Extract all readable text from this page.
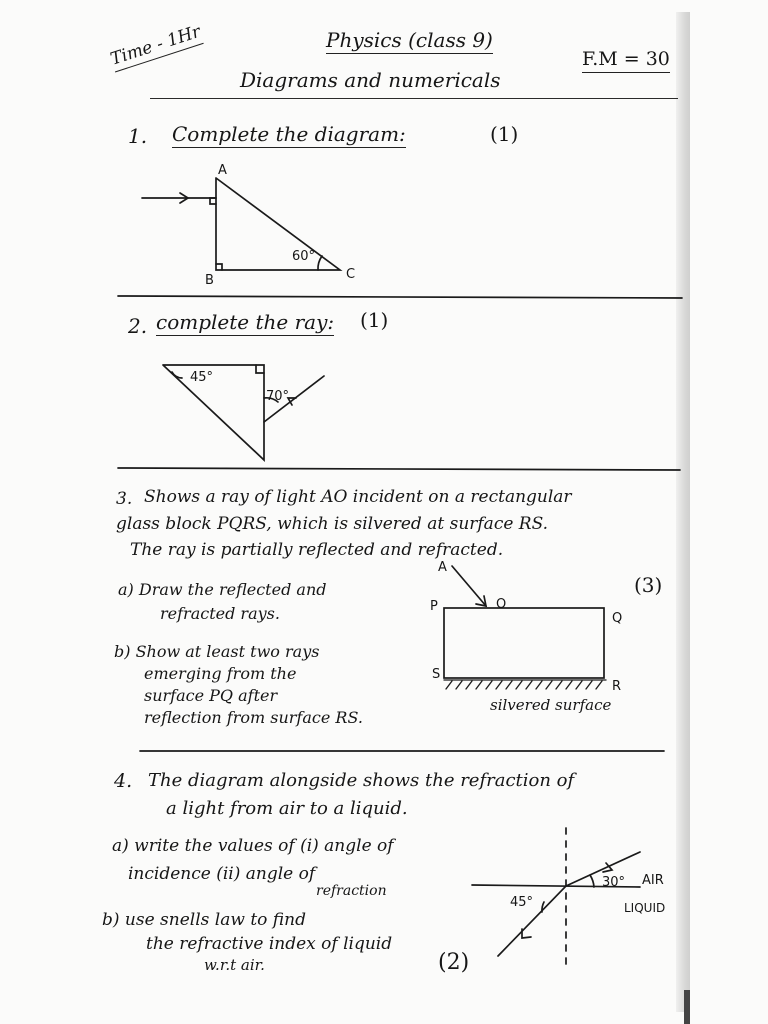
Time - 1Hr	Physics (class 9)
F.M = 30
Diagrams and numericals
1. Complete the diagram:	(1)
A
B	C
60°
2. complete the ray: (1)
45°
70°
3. Shows a ray of light AO incident on a rectangular
glass block PQRS, which is silvered at surface RS.
The ray is partially reflected and refracted.
(3)
a) Draw the reflected and
refracted rays.
b) Show at least two rays
emerging from the
surface PQ after
reflection from surface RS.
A
O
P
Q
S
R
silvered surface
4. The diagram alongside shows the refraction of
a light from air to a liquid.
a) write the values of (i) angle of
incidence (ii) angle of
refraction
b) use snells law to find
the refractive index of liquid
w.r.t air.	(2)
30°
45°
AIR
LIQUID
